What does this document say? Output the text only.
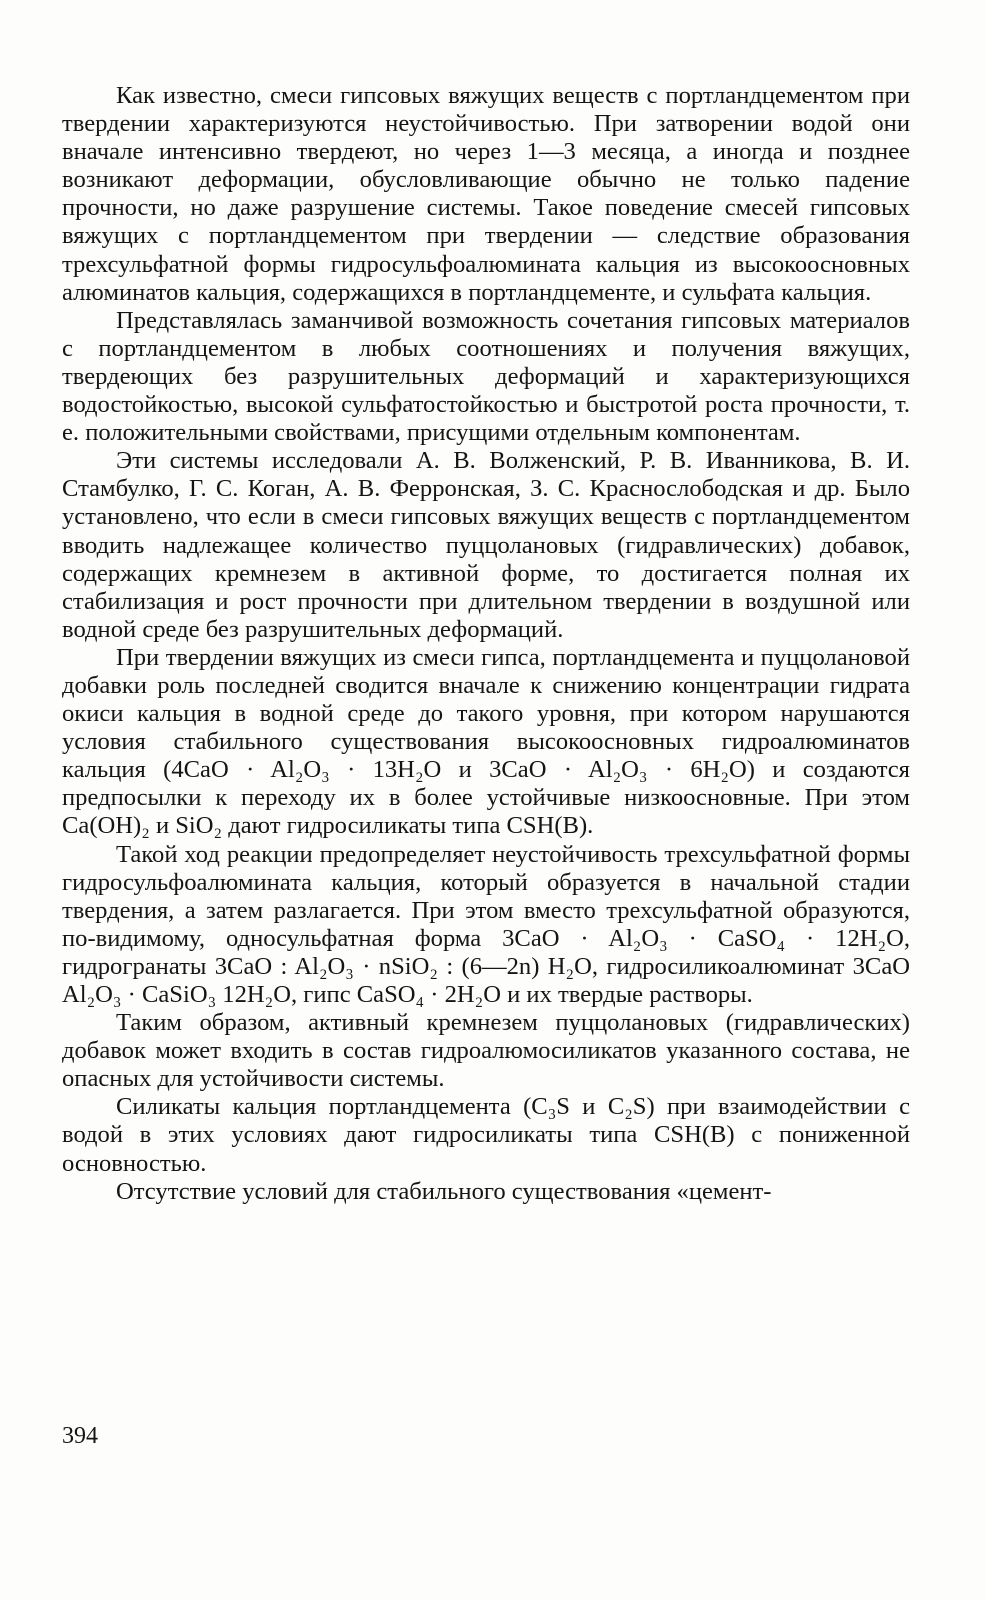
Как известно, смеси гипсовых вяжущих веществ с портландцементом при твердении характеризуются неустойчивостью. При затворении водой они вначале интенсивно твердеют, но через 1—3 месяца, а иногда и позднее возникают деформации, обусловливающие обычно не только падение прочности, но даже разрушение системы. Такое поведение смесей гипсовых вяжущих с портландцементом при твердении — следствие образования трехсульфатной формы гидросульфоалюмината кальция из высокоосновных алюминатов кальция, содержащихся в портландцементе, и сульфата кальция.

Представлялась заманчивой возможность сочетания гипсовых материалов с портландцементом в любых соотношениях и получения вяжущих, твердеющих без разрушительных деформаций и характеризующихся водостойкостью, высокой сульфатостойкостью и быстротой роста прочности, т. е. положительными свойствами, присущими отдельным компонентам.

Эти системы исследовали А. В. Волженский, Р. В. Иванникова, В. И. Стамбулко, Г. С. Коган, А. В. Ферронская, З. С. Краснослободская и др. Было установлено, что если в смеси гипсовых вяжущих веществ с портландцементом вводить надлежащее количество пуццолановых (гидравлических) добавок, содержащих кремнезем в активной форме, то достигается полная их стабилизация и рост прочности при длительном твердении в воздушной или водной среде без разрушительных деформаций.

При твердении вяжущих из смеси гипса, портландцемента и пуццолановой добавки роль последней сводится вначале к снижению концентрации гидрата окиси кальция в водной среде до такого уровня, при котором нарушаются условия стабильного существования высокоосновных гидроалюминатов кальция (4CaO · Al₂O₃ · 13H₂O и 3CaO · Al₂O₃ · 6H₂O) и создаются предпосылки к переходу их в более устойчивые низкоосновные. При этом Ca(OH)₂ и SiO₂ дают гидросиликаты типа CSH(B).

Такой ход реакции предопределяет неустойчивость трехсульфатной формы гидросульфоалюмината кальция, который образуется в начальной стадии твердения, а затем разлагается. При этом вместо трехсульфатной образуются, по-видимому, односульфатная форма 3CaO · Al₂O₃ · CaSO₄ · 12H₂O, гидрогранаты 3CaO : Al₂O₃ · nSiO₂ : (6—2n) H₂O, гидросиликоалюминат 3CaO Al₂O₃ · CaSiO₃ 12H₂O, гипс CaSO₄ · 2H₂O и их твердые растворы.

Таким образом, активный кремнезем пуццолановых (гидравлических) добавок может входить в состав гидроалюмосиликатов указанного состава, не опасных для устойчивости системы.

Силикаты кальция портландцемента (C₃S и C₂S) при взаимодействии с водой в этих условиях дают гидросиликаты типа CSH(B) с пониженной основностью.

Отсутствие условий для стабильного существования «цемент-

394
